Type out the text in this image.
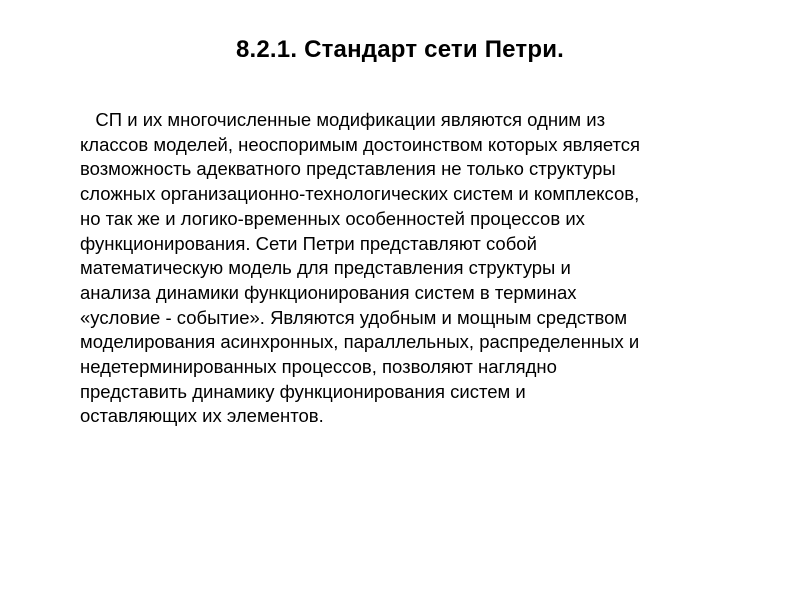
8.2.1. Стандарт сети Петри.
СП и их многочисленные модификации являются одним из
классов моделей, неоспоримым достоинством которых является
возможность адекватного представления не только структуры
сложных организационно-технологических систем и комплексов,
но так же и логико-временных особенностей процессов их
функционирования. Сети Петри представляют собой
математическую модель для представления структуры и
анализа динамики функционирования систем в терминах
«условие - событие». Являются удобным и мощным средством
моделирования асинхронных, параллельных, распределенных и
недетерминированных процессов, позволяют наглядно
представить динамику функционирования систем и
оставляющих их элементов.
